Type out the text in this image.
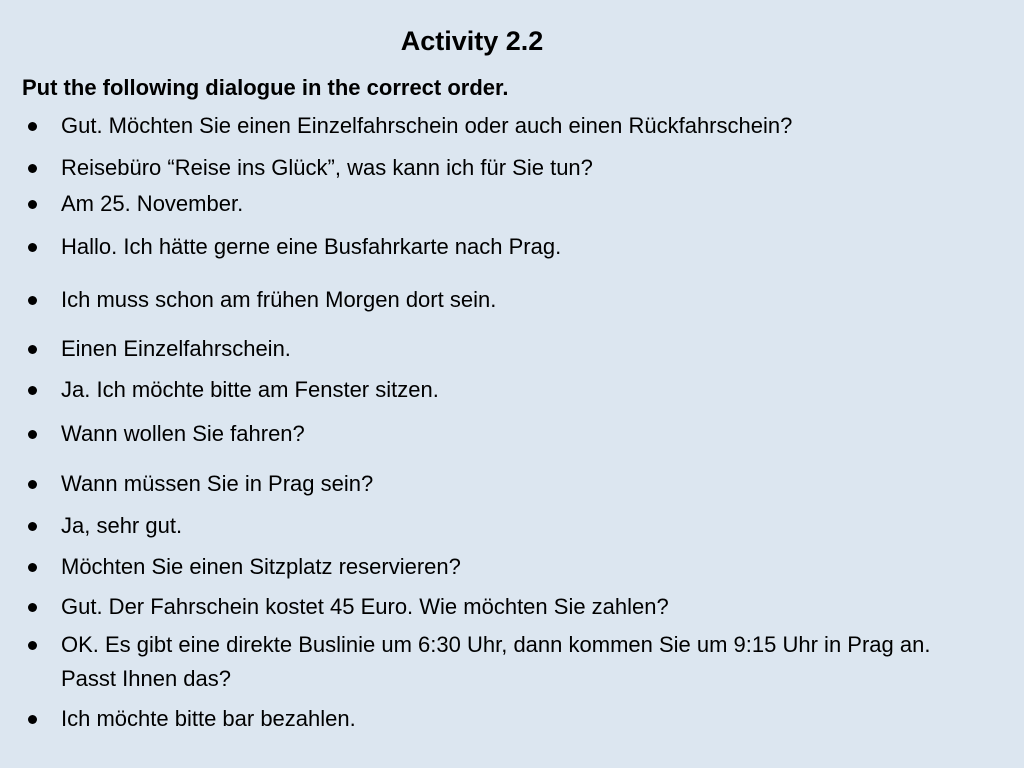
Activity 2.2
Put the following dialogue in the correct order.
Gut. Möchten Sie einen Einzelfahrschein oder auch einen Rückfahrschein?
Reisebüro “Reise ins Glück”, was kann ich für Sie tun?
Am 25. November.
Hallo. Ich hätte gerne eine Busfahrkarte nach Prag.
Ich muss schon am frühen Morgen dort sein.
Einen Einzelfahrschein.
Ja. Ich möchte bitte am Fenster sitzen.
Wann wollen Sie fahren?
Wann müssen Sie in Prag sein?
Ja, sehr gut.
Möchten Sie einen Sitzplatz reservieren?
Gut. Der Fahrschein kostet 45 Euro. Wie möchten Sie zahlen?
OK. Es gibt eine direkte Buslinie um 6:30 Uhr, dann kommen Sie um 9:15 Uhr in Prag an. Passt Ihnen das?
Ich möchte bitte bar bezahlen.
